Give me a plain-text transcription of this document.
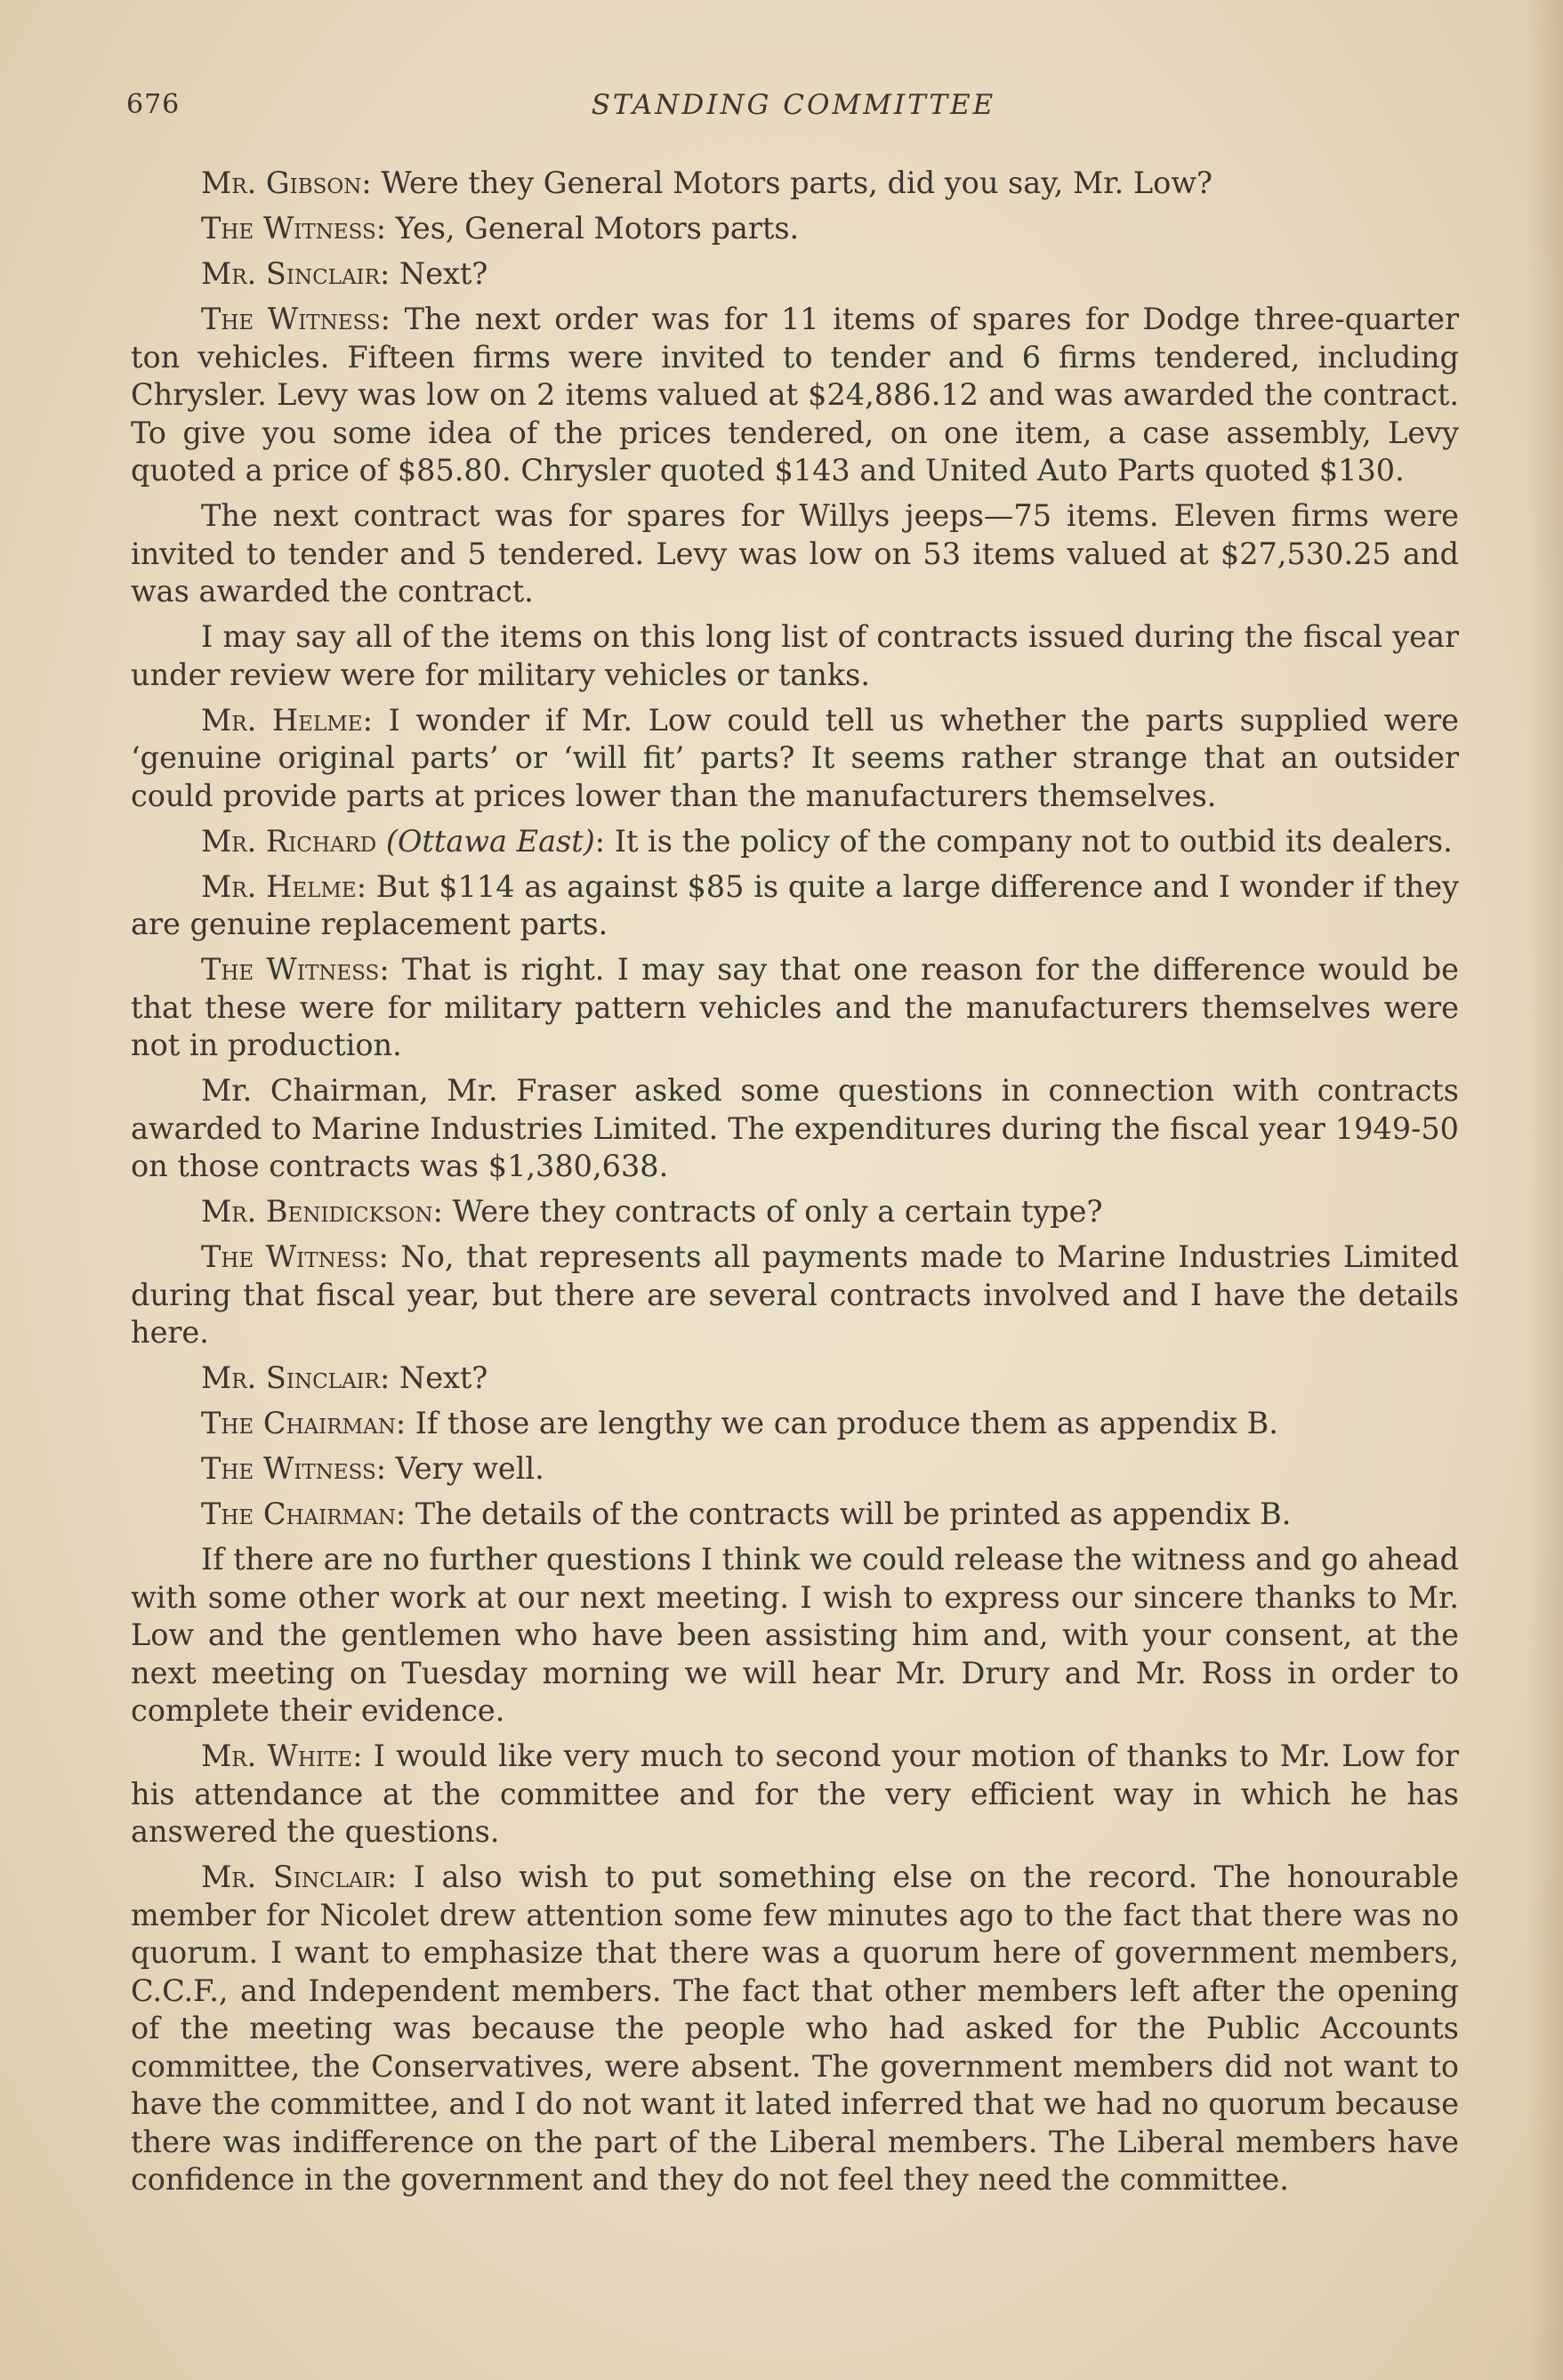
676	STANDING COMMITTEE

Mr. Gibson: Were they General Motors parts, did you say, Mr. Low?

The Witness: Yes, General Motors parts.

Mr. Sinclair: Next?

The Witness: The next order was for 11 items of spares for Dodge three-quarter ton vehicles. Fifteen firms were invited to tender and 6 firms tendered, including Chrysler. Levy was low on 2 items valued at $24,886.12 and was awarded the contract. To give you some idea of the prices tendered, on one item, a case assembly, Levy quoted a price of $85.80. Chrysler quoted $143 and United Auto Parts quoted $130.

The next contract was for spares for Willys jeeps—75 items. Eleven firms were invited to tender and 5 tendered. Levy was low on 53 items valued at $27,530.25 and was awarded the contract.

I may say all of the items on this long list of contracts issued during the fiscal year under review were for military vehicles or tanks.

Mr. Helme: I wonder if Mr. Low could tell us whether the parts supplied were ‘genuine original parts’ or ‘will fit’ parts? It seems rather strange that an outsider could provide parts at prices lower than the manufacturers themselves.

Mr. Richard (Ottawa East): It is the policy of the company not to outbid its dealers.

Mr. Helme: But $114 as against $85 is quite a large difference and I wonder if they are genuine replacement parts.

The Witness: That is right. I may say that one reason for the difference would be that these were for military pattern vehicles and the manufacturers themselves were not in production.

Mr. Chairman, Mr. Fraser asked some questions in connection with contracts awarded to Marine Industries Limited. The expenditures during the fiscal year 1949-50 on those contracts was $1,380,638.

Mr. Benidickson: Were they contracts of only a certain type?

The Witness: No, that represents all payments made to Marine Industries Limited during that fiscal year, but there are several contracts involved and I have the details here.

Mr. Sinclair: Next?

The Chairman: If those are lengthy we can produce them as appendix B.

The Witness: Very well.

The Chairman: The details of the contracts will be printed as appendix B.

If there are no further questions I think we could release the witness and go ahead with some other work at our next meeting. I wish to express our sincere thanks to Mr. Low and the gentlemen who have been assisting him and, with your consent, at the next meeting on Tuesday morning we will hear Mr. Drury and Mr. Ross in order to complete their evidence.

Mr. White: I would like very much to second your motion of thanks to Mr. Low for his attendance at the committee and for the very efficient way in which he has answered the questions.

Mr. Sinclair: I also wish to put something else on the record. The honourable member for Nicolet drew attention some few minutes ago to the fact that there was no quorum. I want to emphasize that there was a quorum here of government members, C.C.F., and Independent members. The fact that other members left after the opening of the meeting was because the people who had asked for the Public Accounts committee, the Conservatives, were absent. The government members did not want to have the committee, and I do not want it lated inferred that we had no quorum because there was indifference on the part of the Liberal members. The Liberal members have confidence in the government and they do not feel they need the committee.
